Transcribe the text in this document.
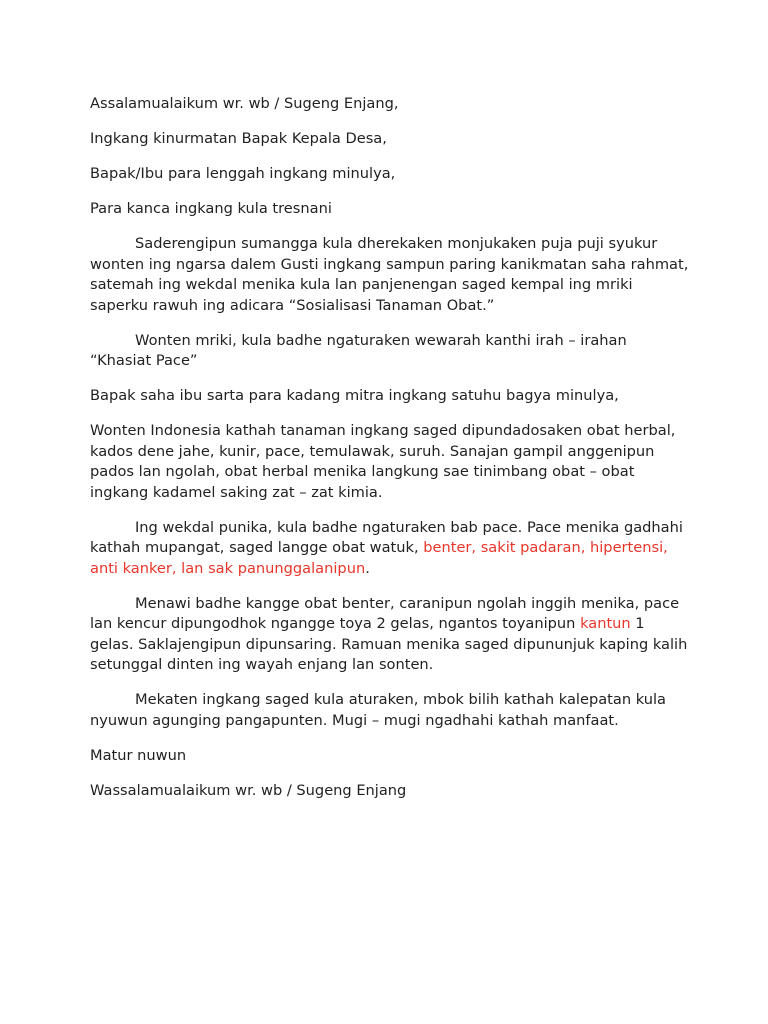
Assalamualaikum wr. wb / Sugeng Enjang,

Ingkang kinurmatan Bapak Kepala Desa,

Bapak/Ibu para lenggah ingkang minulya,

Para kanca ingkang kula tresnani

Saderengipun sumangga kula dherekaken monjukaken puja puji syukur wonten ing ngarsa dalem Gusti ingkang sampun paring kanikmatan saha rahmat, satemah ing wekdal menika kula lan panjenengan saged kempal ing mriki saperku rawuh ing adicara “Sosialisasi Tanaman Obat.”

Wonten mriki, kula badhe ngaturaken wewarah kanthi irah – irahan “Khasiat Pace”

Bapak saha ibu sarta para kadang mitra ingkang satuhu bagya minulya,

Wonten Indonesia kathah tanaman ingkang saged dipundadosaken obat herbal, kados dene jahe, kunir, pace, temulawak, suruh. Sanajan gampil anggenipun pados lan ngolah, obat herbal menika langkung sae tinimbang obat – obat ingkang kadamel saking zat – zat kimia.

Ing wekdal punika, kula badhe ngaturaken bab pace. Pace menika gadhahi kathah mupangat, saged langge obat watuk, benter, sakit padaran, hipertensi, anti kanker, lan sak panunggalanipun.

Menawi badhe kangge obat benter, caranipun ngolah inggih menika, pace lan kencur dipungodhok ngangge toya 2 gelas, ngantos toyanipun kantun 1 gelas. Saklajengipun dipunsaring. Ramuan menika saged dipununjuk kaping kalih setunggal dinten ing wayah enjang lan sonten.

Mekaten ingkang saged kula aturaken, mbok bilih kathah kalepatan kula nyuwun agunging pangapunten. Mugi – mugi ngadhahi kathah manfaat.

Matur nuwun

Wassalamualaikum wr. wb / Sugeng Enjang
